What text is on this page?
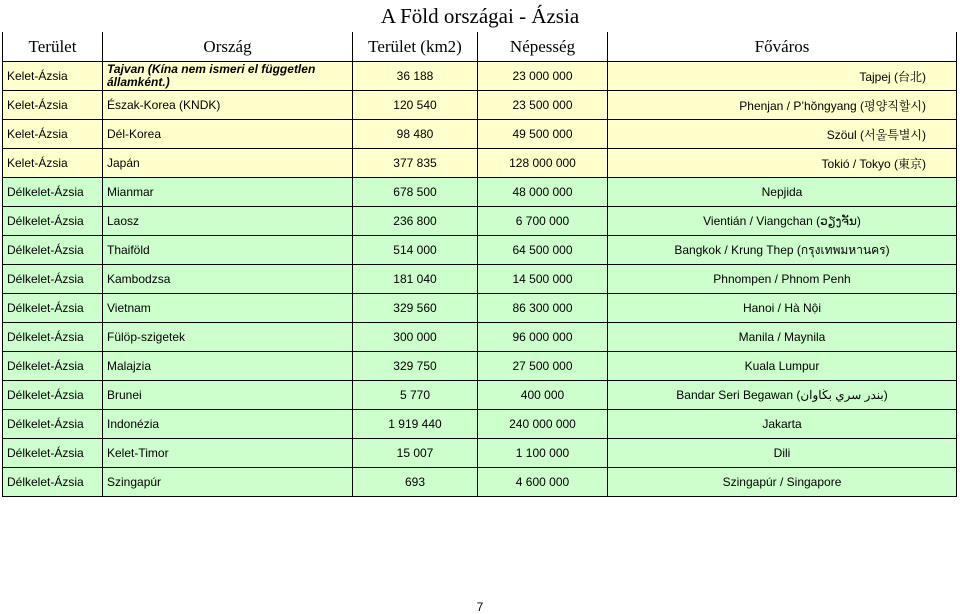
A Föld országai - Ázsia
Terület	Ország	Terület (km2)	Népesség	Főváros
Kelet-Ázsia	Tajvan (Kína nem ismeri el független államként.)	36 188	23 000 000	Tajpej (台北)
Kelet-Ázsia	Észak-Korea (KNDK)	120 540	23 500 000	Phenjan / P’hŏngyang (평양직할시)
Kelet-Ázsia	Dél-Korea	98 480	49 500 000	Szöul (서울특별시)
Kelet-Ázsia	Japán	377 835	128 000 000	Tokió / Tokyo (東京)
Délkelet-Ázsia	Mianmar	678 500	48 000 000	Nepjida
Délkelet-Ázsia	Laosz	236 800	6 700 000	Vientián / Viangchan (ວຽງຈັນ)
Délkelet-Ázsia	Thaiföld	514 000	64 500 000	Bangkok / Krung Thep (กรุงเทพมหานคร)
Délkelet-Ázsia	Kambodzsa	181 040	14 500 000	Phnompen / Phnom Penh
Délkelet-Ázsia	Vietnam	329 560	86 300 000	Hanoi / Hà Nội
Délkelet-Ázsia	Fülöp-szigetek	300 000	96 000 000	Manila / Maynila
Délkelet-Ázsia	Malajzia	329 750	27 500 000	Kuala Lumpur
Délkelet-Ázsia	Brunei	5 770	400 000	Bandar Seri Begawan (بندر سري بڬاوان)
Délkelet-Ázsia	Indonézia	1 919 440	240 000 000	Jakarta
Délkelet-Ázsia	Kelet-Timor	15 007	1 100 000	Dili
Délkelet-Ázsia	Szingapúr	693	4 600 000	Szingapúr / Singapore
7
